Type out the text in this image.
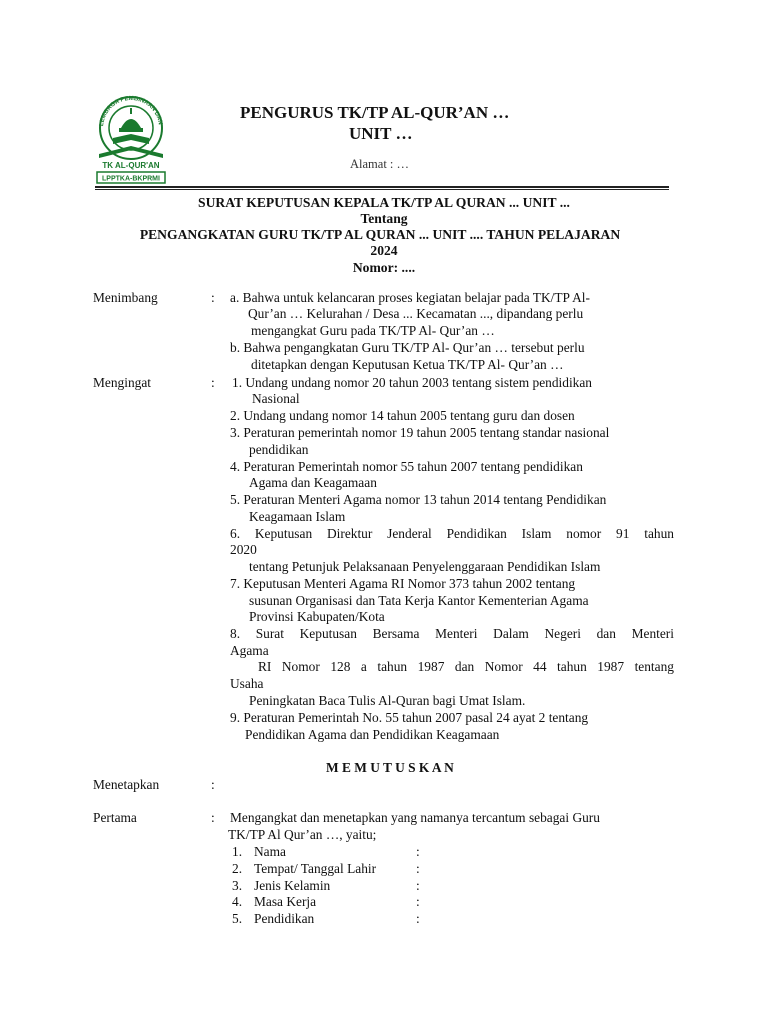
LEMBAGA PEMBINAAN DAN
TK AL-QUR'AN
LPPTKA-BKPRMI
PENGURUS TK/TP AL-QUR’AN …
UNIT …
Alamat : …
SURAT KEPUTUSAN KEPALA TK/TP AL QURAN ... UNIT ...
Tentang
PENGANGKATAN GURU TK/TP AL QURAN ... UNIT .... TAHUN PELAJARAN
2024
Nomor: ....
Menimbang	: a. Bahwa untuk kelancaran proses kegiatan belajar pada TK/TP Al-
Qur’an … Kelurahan / Desa ... Kecamatan ..., dipandang perlu
mengangkat Guru pada TK/TP Al- Qur’an …
b. Bahwa pengangkatan Guru TK/TP Al- Qur’an … tersebut perlu
ditetapkan dengan Keputusan Ketua TK/TP Al- Qur’an …
Mengingat	: 1. Undang undang nomor 20 tahun 2003 tentang sistem pendidikan
Nasional
2. Undang undang nomor 14 tahun 2005 tentang guru dan dosen
3. Peraturan pemerintah nomor 19 tahun 2005 tentang standar nasional
pendidikan
4. Peraturan Pemerintah nomor 55 tahun 2007 tentang pendidikan
Agama dan Keagamaan
5. Peraturan Menteri Agama nomor 13 tahun 2014 tentang Pendidikan
Keagamaan Islam
6. Keputusan Direktur Jenderal Pendidikan Islam nomor 91 tahun
2020
tentang Petunjuk Pelaksanaan Penyelenggaraan Pendidikan Islam
7. Keputusan Menteri Agama RI Nomor 373 tahun 2002 tentang
susunan Organisasi dan Tata Kerja Kantor Kementerian Agama
Provinsi Kabupaten/Kota
8. Surat Keputusan Bersama Menteri Dalam Negeri dan Menteri
Agama
RI Nomor 128 a tahun 1987 dan Nomor 44 tahun 1987 tentang
Usaha
Peningkatan Baca Tulis Al-Quran bagi Umat Islam.
9. Peraturan Pemerintah No. 55 tahun 2007 pasal 24 ayat 2 tentang
Pendidikan Agama dan Pendidikan Keagamaan
M E M U T U S K A N
Menetapkan	:
Pertama	: Mengangkat dan menetapkan yang namanya tercantum sebagai Guru
TK/TP Al Qur’an …, yaitu;
1. Nama	:
2. Tempat/ Tanggal Lahir	:
3. Jenis Kelamin	:
4. Masa Kerja	:
5. Pendidikan	:
